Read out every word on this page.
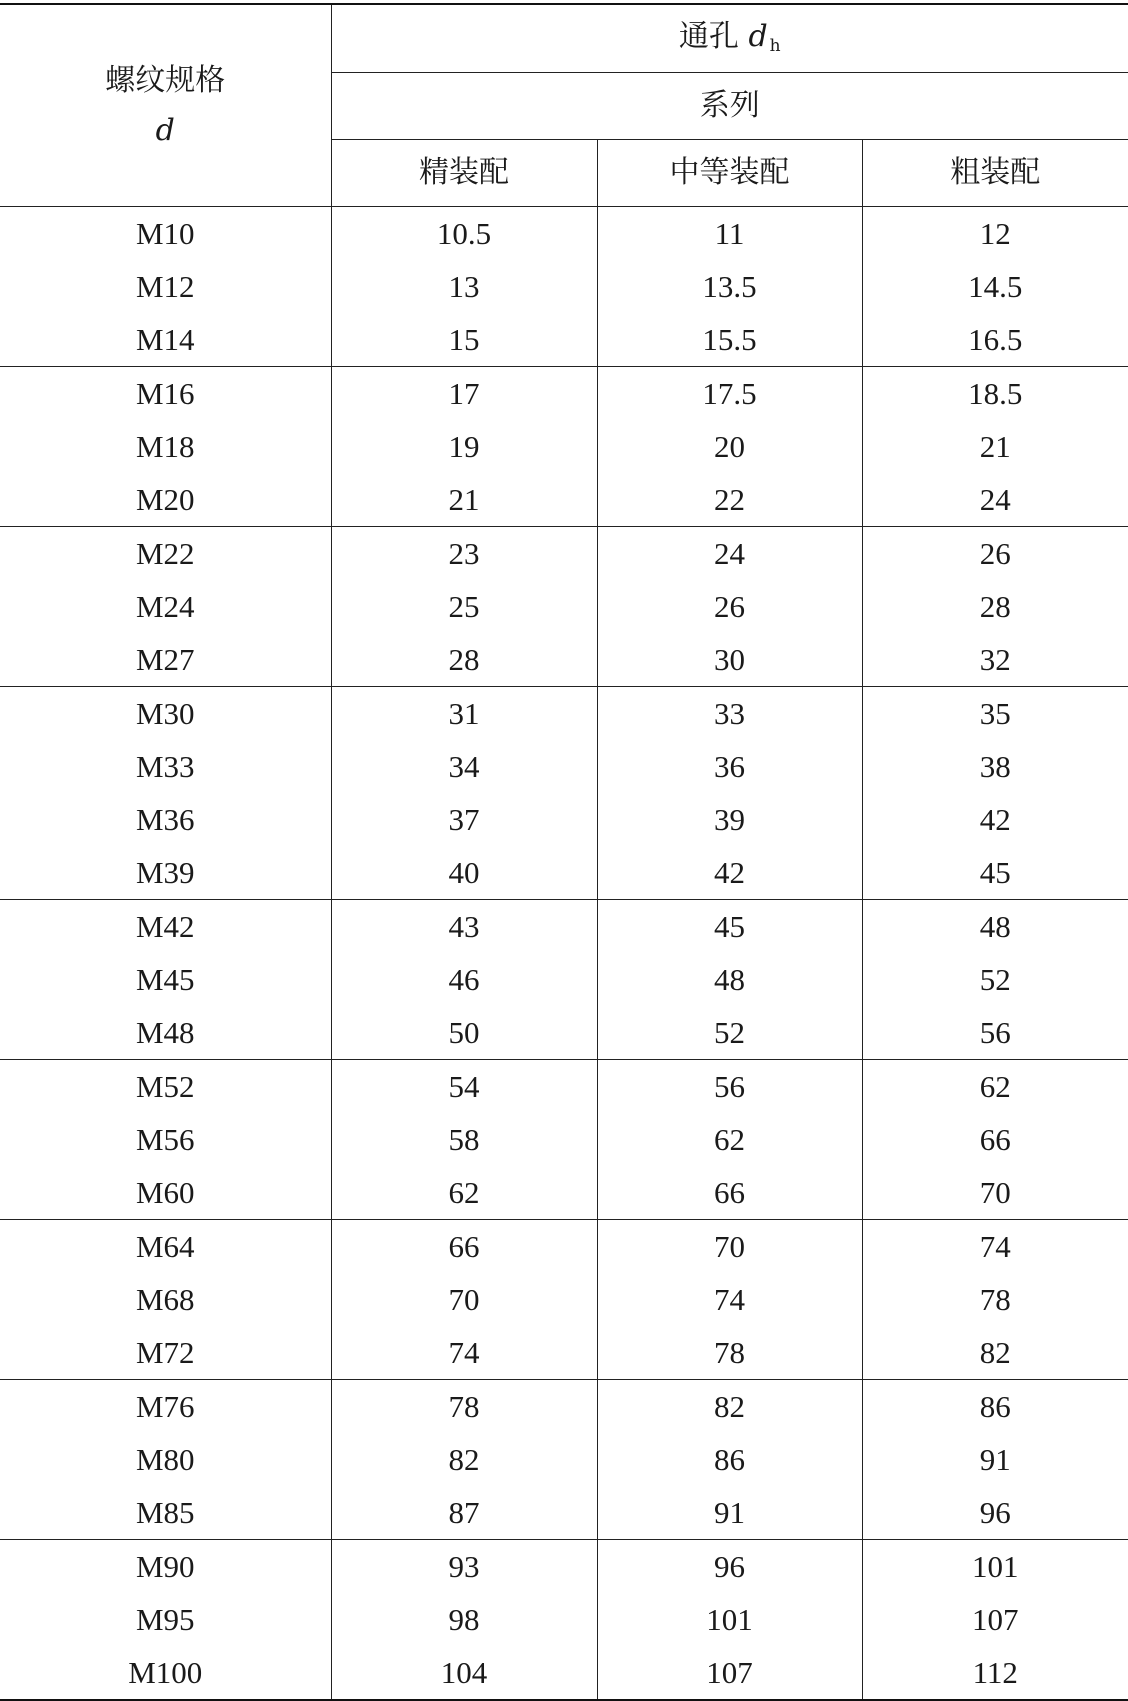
螺纹规格
d	通孔 d $_h$
	系列		
	精装配	中等装配	粗装配
M10	10.5	11	12
M12	13	13.5	14.5
M14	15	15.5	16.5
M16	17	17.5	18.5
M18	19	20	21
M20	21	22	24
M22	23	24	26
M24	25	26	28
M27	28	30	32
M30	31	33	35
M33	34	36	38
M36	37	39	42
M39	40	42	45
M42	43	45	48
M45	46	48	52
M48	50	52	56
M52	54	56	62
M56	58	62	66
M60	62	66	70
M64	66	70	74
M68	70	74	78
M72	74	78	82
M76	78	82	86
M80	82	86	91
M85	87	91	96
M90	93	96	101
M95	98	101	107
M100	104	107	112
